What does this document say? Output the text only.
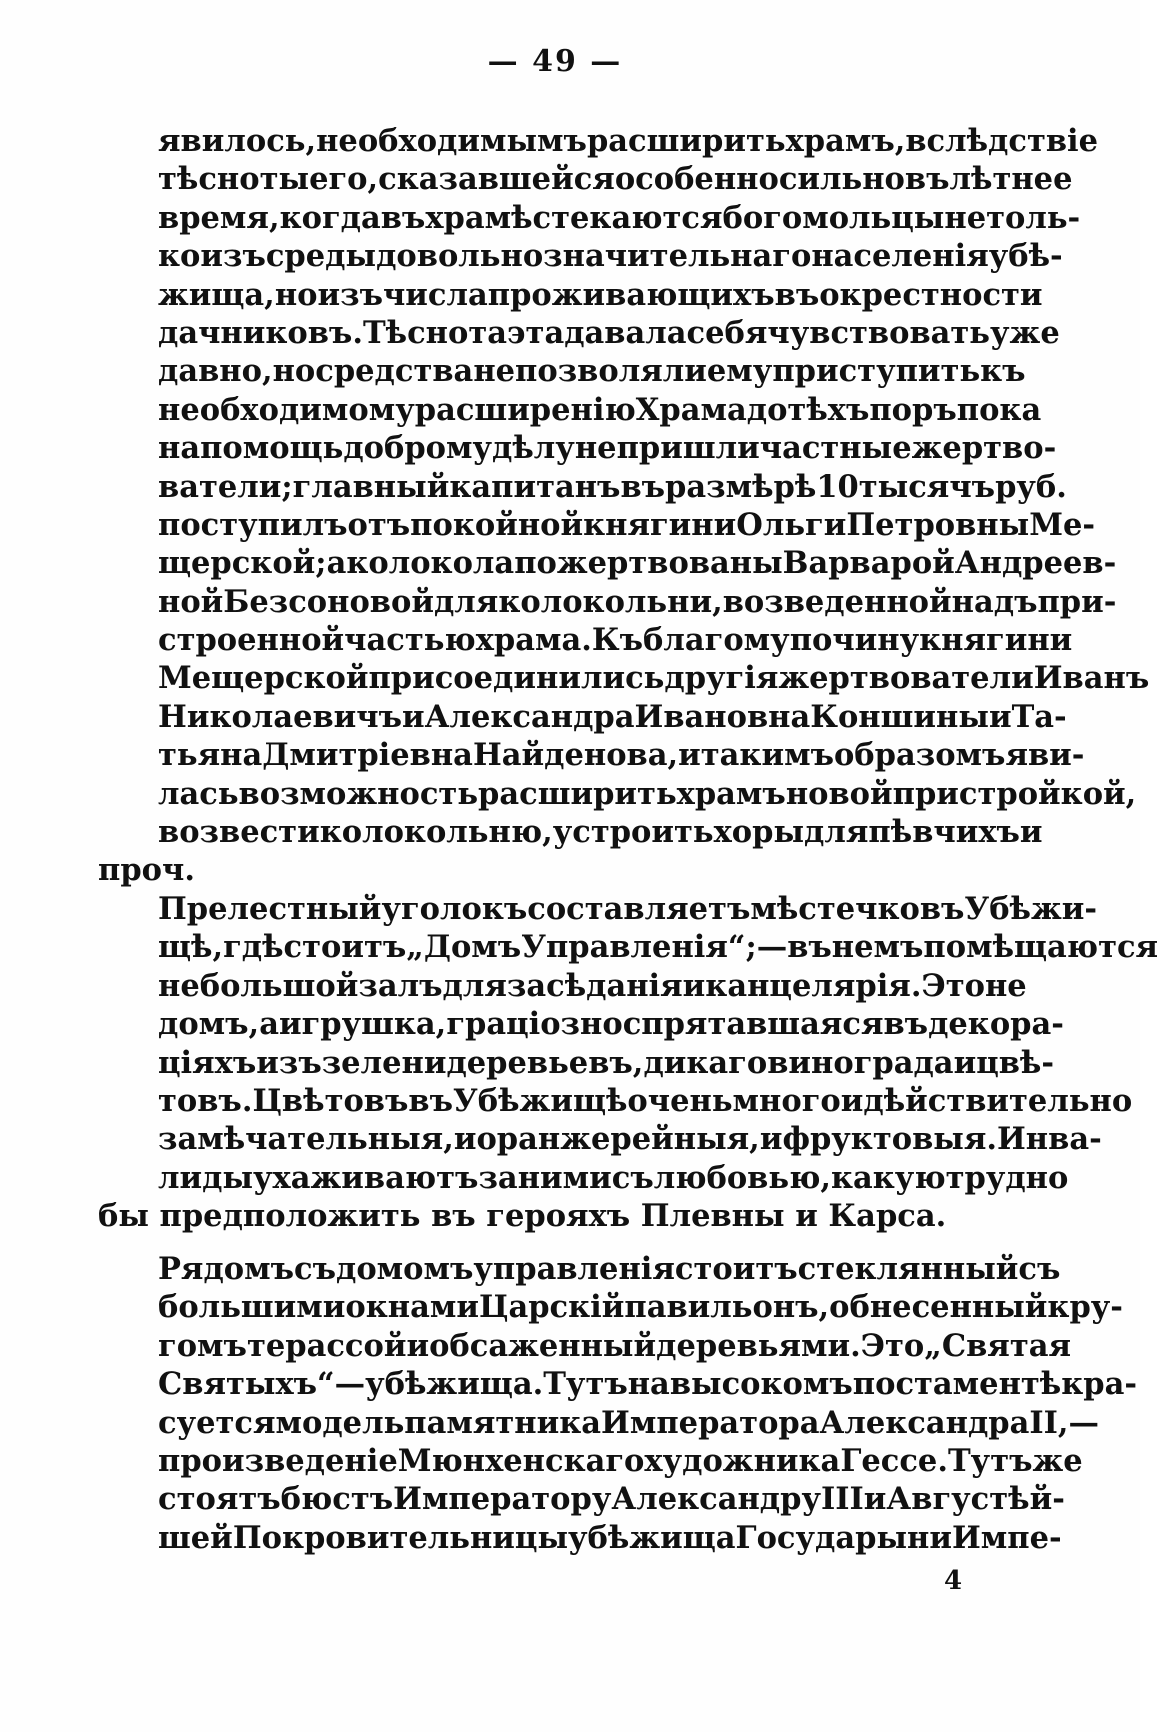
— 49 —
явилось, необходимымъ расширить храмъ, вслѣдствіе
тѣсноты его, сказавшейся особенно сильно въ лѣтнее
время, когда въ храмѣ стекаются богомольцы не толь-
ко изъ среды довольно значительнаго населенія убѣ-
жища, но изъ числа проживающихъ въ окрестности
дачниковъ. Тѣснота эта давала себя чувствовать уже
давно, но средства не позволяли ему приступить къ
необходимому расширенію Храма до тѣхъ поръ пока
на помощь доброму дѣлу не пришли частные жертво-
ватели; главный капитанъ въ размѣрѣ 10 тысячъ руб.
поступилъ отъ покойной княгини Ольги Петровны Ме-
щерской; а колокола пожертвованы Варварой Андреев-
ной Безсоновой для колокольни, возведенной надъ при-
строенной частью храма. Къ благому почину княгини
Мещерской присоединились другія жертвователи Иванъ
Николаевичъ и Александра Ивановна Коншины и Та-
тьяна Дмитріевна Найденова, и такимъ образомъ яви-
лась возможность расширить храмъ новой пристройкой,
возвести колокольню, устроить хоры для пѣвчихъ и
проч.
Прелестный уголокъ составляетъ мѣстечко въ Убѣжи-
щѣ, гдѣ стоитъ „Домъ Управленія“;—въ немъ помѣщаются
небольшой залъ для засѣданія и канцелярія. Это не
домъ, а игрушка, граціозно спрятавшаяся въ декора-
ціяхъ изъ зелени деревьевъ, дикаго винограда и цвѣ-
товъ. Цвѣтовъ въ Убѣжищѣ очень много и дѣйствительно
замѣчательныя, и оранжерейныя, и фруктовыя. Инва-
лиды ухаживаютъ за ними съ любовью, какую трудно
бы предположить въ герояхъ Плевны и Карса.
Рядомъ съ домомъ управленія стоитъ стеклянный съ
большими окнами Царскій павильонъ, обнесенный кру-
гомъ терассой и обсаженный деревьями. Это „Святая
Святыхъ“—убѣжища. Тутъ на высокомъ постаментѣ кра-
суется модель памятника Императора Александра II,—
произведеніе Мюнхенскаго художника Гессе. Тутъ же
стоятъ бюстъ Императору Александру III и Августѣй-
шей Покровительницы убѣжища Государыни Импе-
4
